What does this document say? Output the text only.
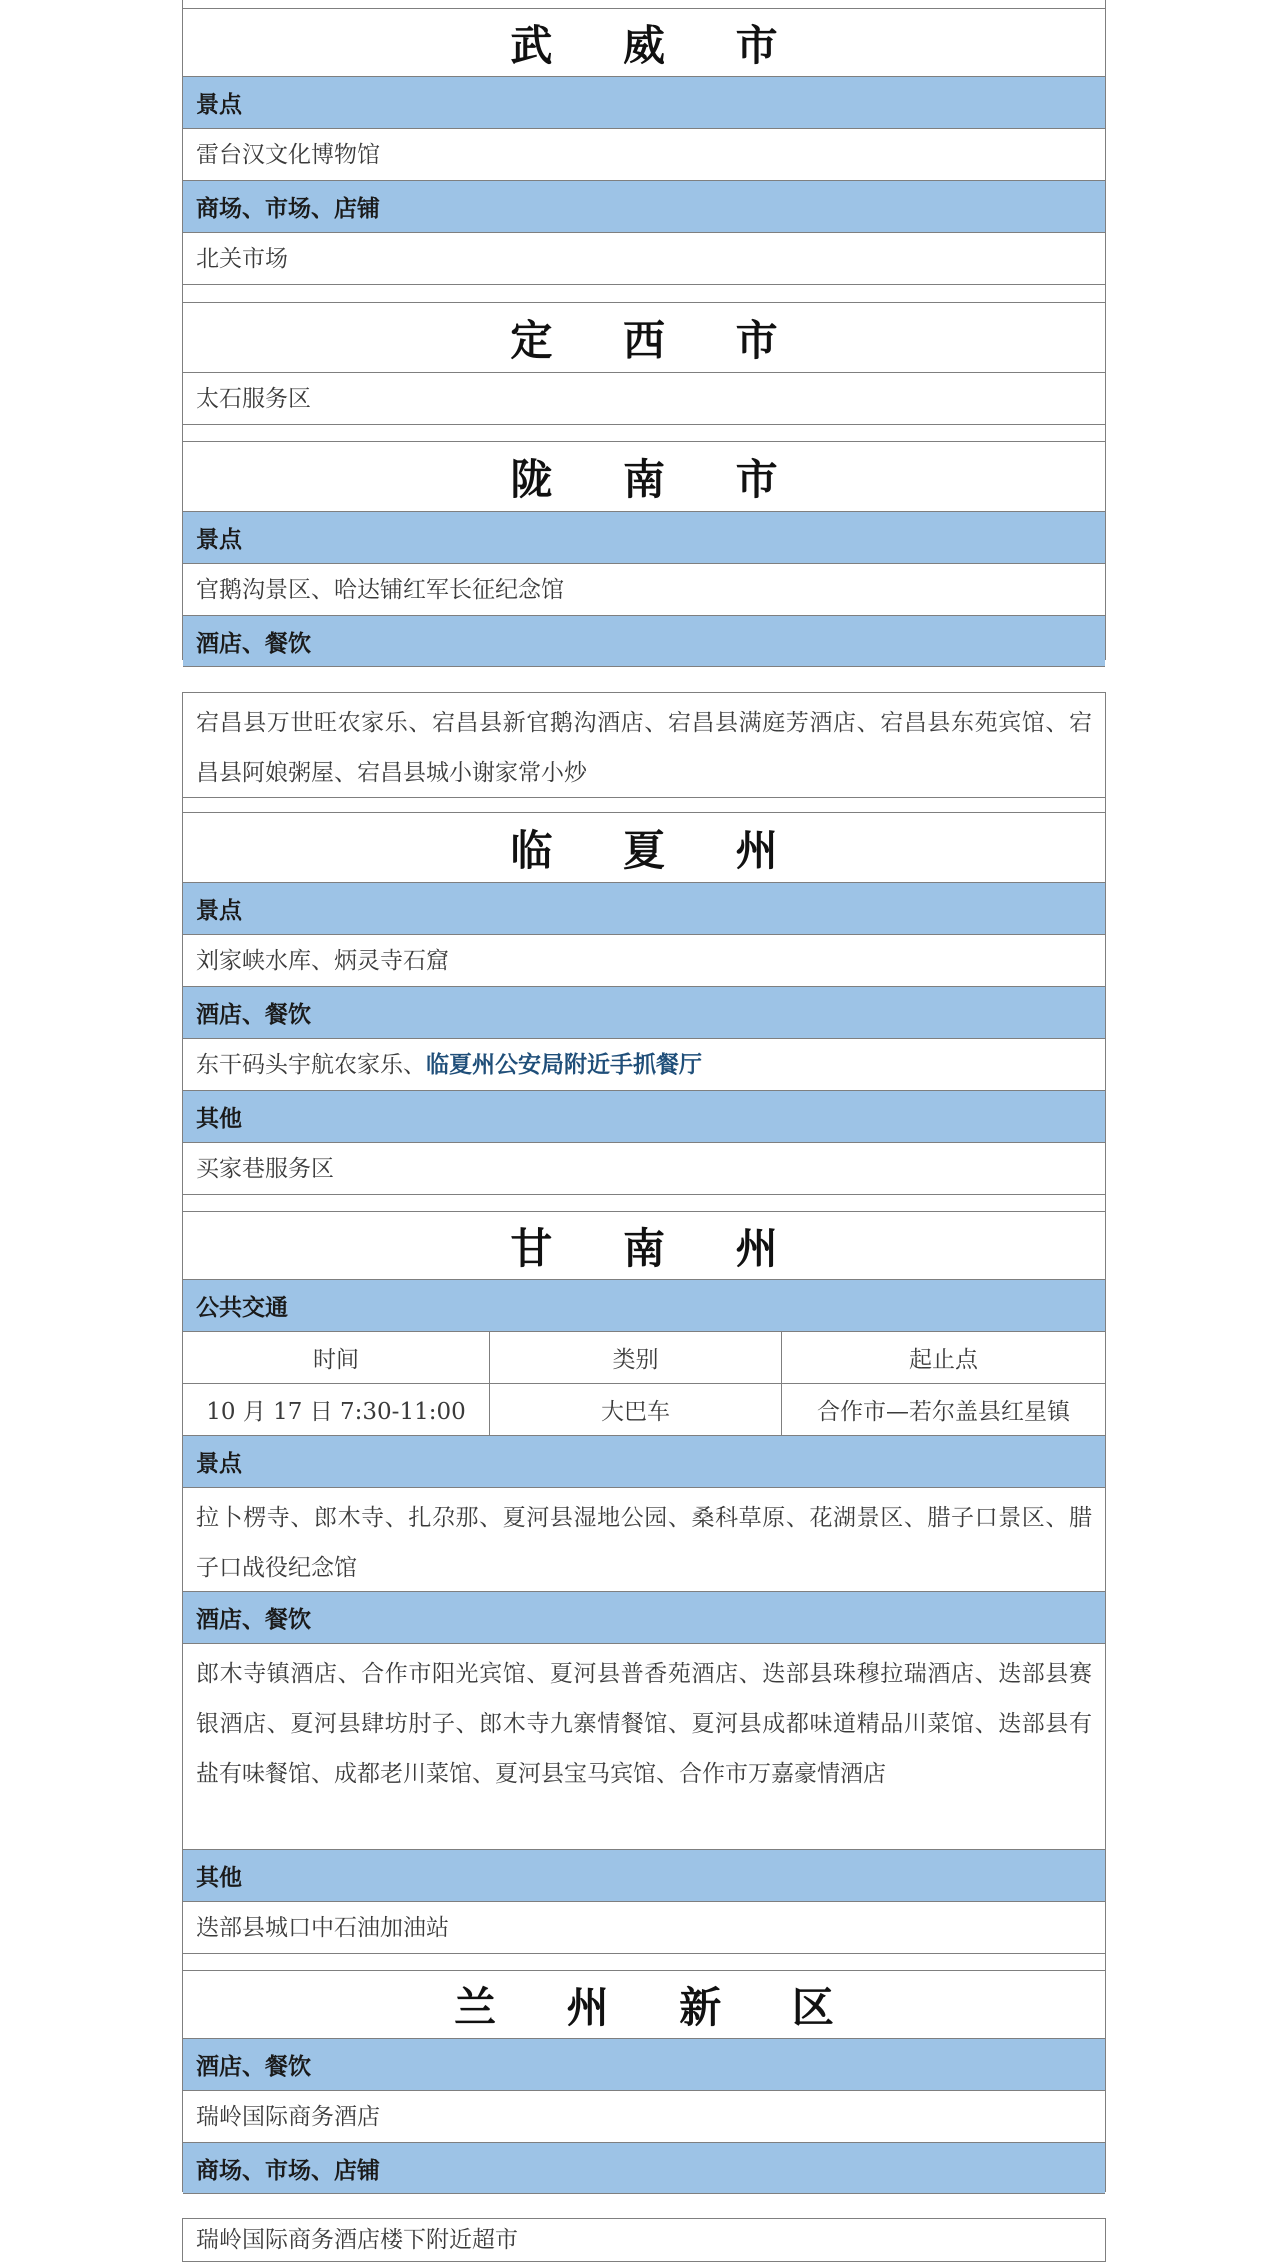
武 威 市
景点

雷台汉文化博物馆

商场、市场、店铺

北关市场

定 西 市

太石服务区

陇 南 市
景点

官鹅沟景区、哈达铺红军长征纪念馆

酒店、餐饮

宕昌县万世旺农家乐、宕昌县新官鹅沟酒店、宕昌县满庭芳酒店、宕昌县东苑宾馆、宕昌县阿娘粥屋、宕昌县城小谢家常小炒

临 夏 州
景点

刘家峡水库、炳灵寺石窟

酒店、餐饮

东干码头宇航农家乐、临夏州公安局附近手抓餐厅

其他

买家巷服务区

甘 南 州
公共交通
时间	类别	起止点
10 月 17 日 7:30-11:00	大巴车	合作市—若尔盖县红星镇
景点

拉卜楞寺、郎木寺、扎尕那、夏河县湿地公园、桑科草原、花湖景区、腊子口景区、腊子口战役纪念馆

酒店、餐饮

郎木寺镇酒店、合作市阳光宾馆、夏河县普香苑酒店、迭部县珠穆拉瑞酒店、迭部县赛银酒店、夏河县肆坊肘子、郎木寺九寨情餐馆、夏河县成都味道精品川菜馆、迭部县有盐有味餐馆、成都老川菜馆、夏河县宝马宾馆、合作市万嘉豪情酒店

其他

迭部县城口中石油加油站

兰 州 新 区
酒店、餐饮

瑞岭国际商务酒店

商场、市场、店铺

瑞岭国际商务酒店楼下附近超市
